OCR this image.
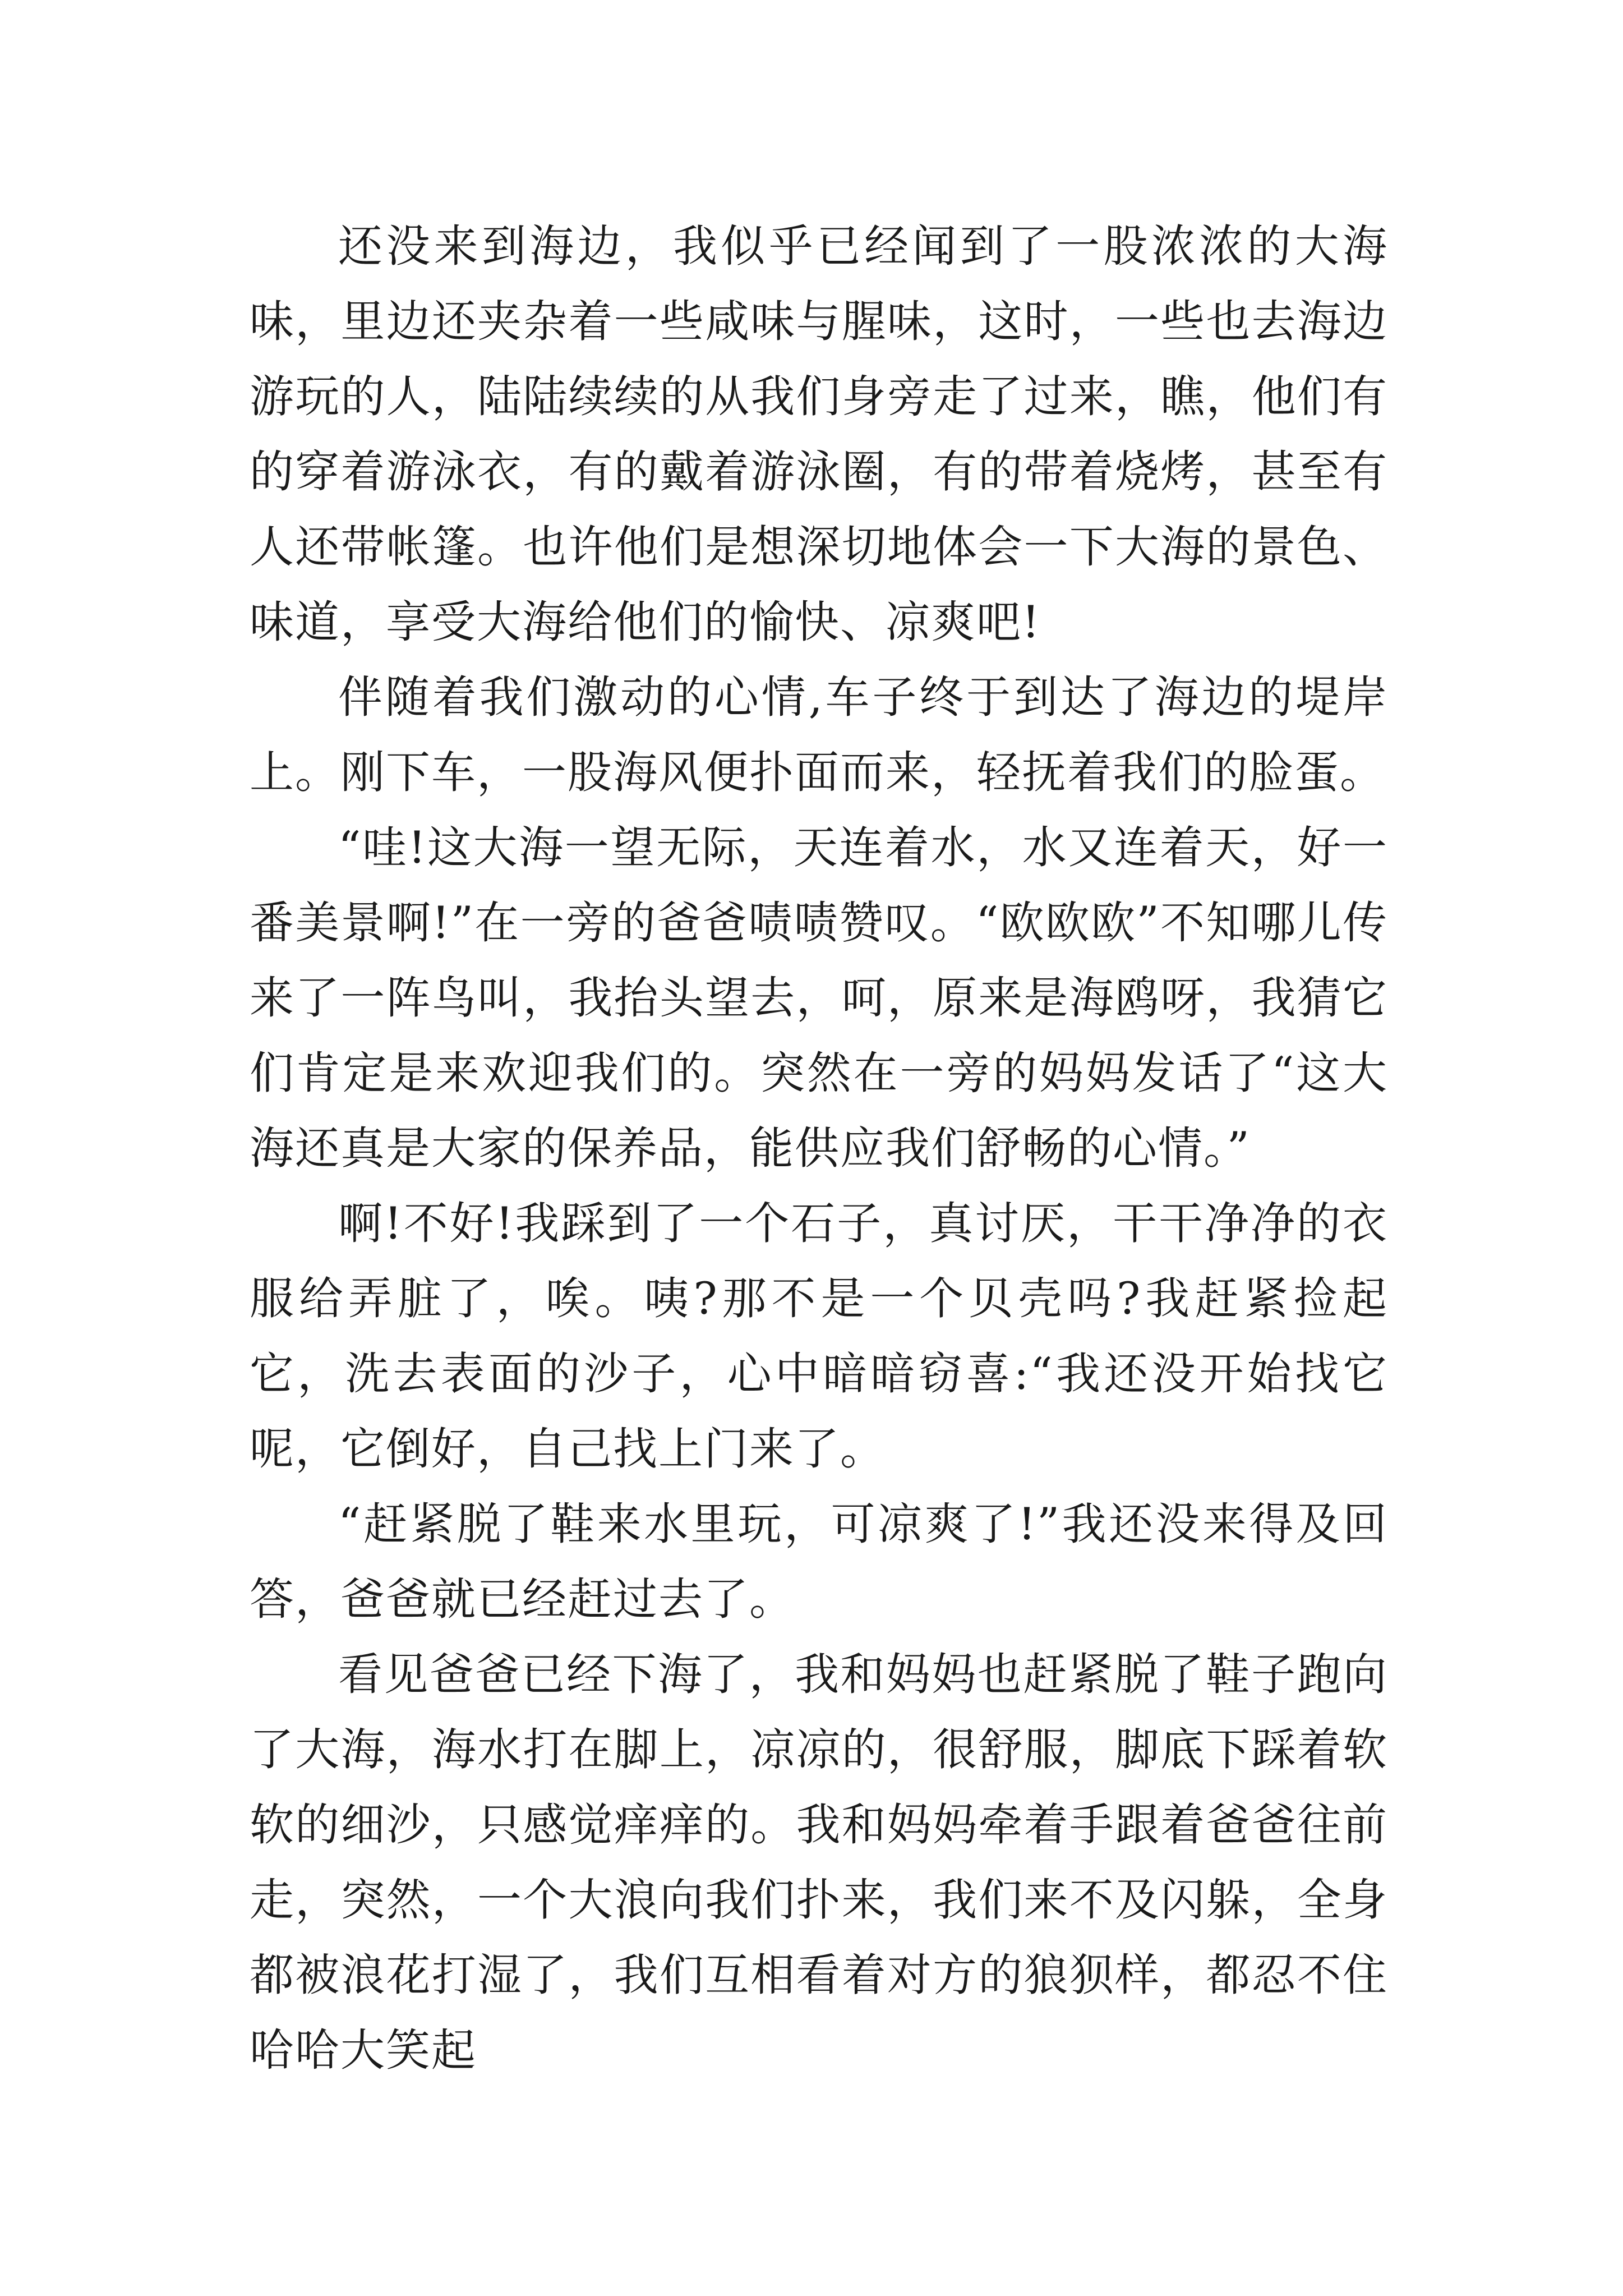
还没来到海边，我似乎已经闻到了一股浓浓的大海味，里边还夹杂着一些咸味与腥味，这时，一些也去海边游玩的人，陆陆续续的从我们身旁走了过来，瞧，他们有的穿着游泳衣，有的戴着游泳圈，有的带着烧烤，甚至有人还带帐篷。也许他们是想深切地体会一下大海的景色、味道，享受大海给他们的愉快、凉爽吧!

伴随着我们激动的心情,车子终于到达了海边的堤岸上。刚下车，一股海风便扑面而来，轻抚着我们的脸蛋。

“哇!这大海一望无际，天连着水，水又连着天，好一番美景啊!”在一旁的爸爸啧啧赞叹。“欧欧欧”不知哪儿传来了一阵鸟叫，我抬头望去，呵，原来是海鸥呀，我猜它们肯定是来欢迎我们的。突然在一旁的妈妈发话了“这大海还真是大家的保养品，能供应我们舒畅的心情。”

啊!不好!我踩到了一个石子，真讨厌，干干净净的衣服给弄脏了，唉。咦?那不是一个贝壳吗?我赶紧捡起它，洗去表面的沙子，心中暗暗窃喜:“我还没开始找它呢，它倒好，自己找上门来了。

“赶紧脱了鞋来水里玩，可凉爽了!”我还没来得及回答，爸爸就已经赶过去了。

看见爸爸已经下海了，我和妈妈也赶紧脱了鞋子跑向了大海，海水打在脚上，凉凉的，很舒服，脚底下踩着软软的细沙，只感觉痒痒的。我和妈妈牵着手跟着爸爸往前走，突然，一个大浪向我们扑来，我们来不及闪躲，全身都被浪花打湿了，我们互相看着对方的狼狈样，都忍不住哈哈大笑起
